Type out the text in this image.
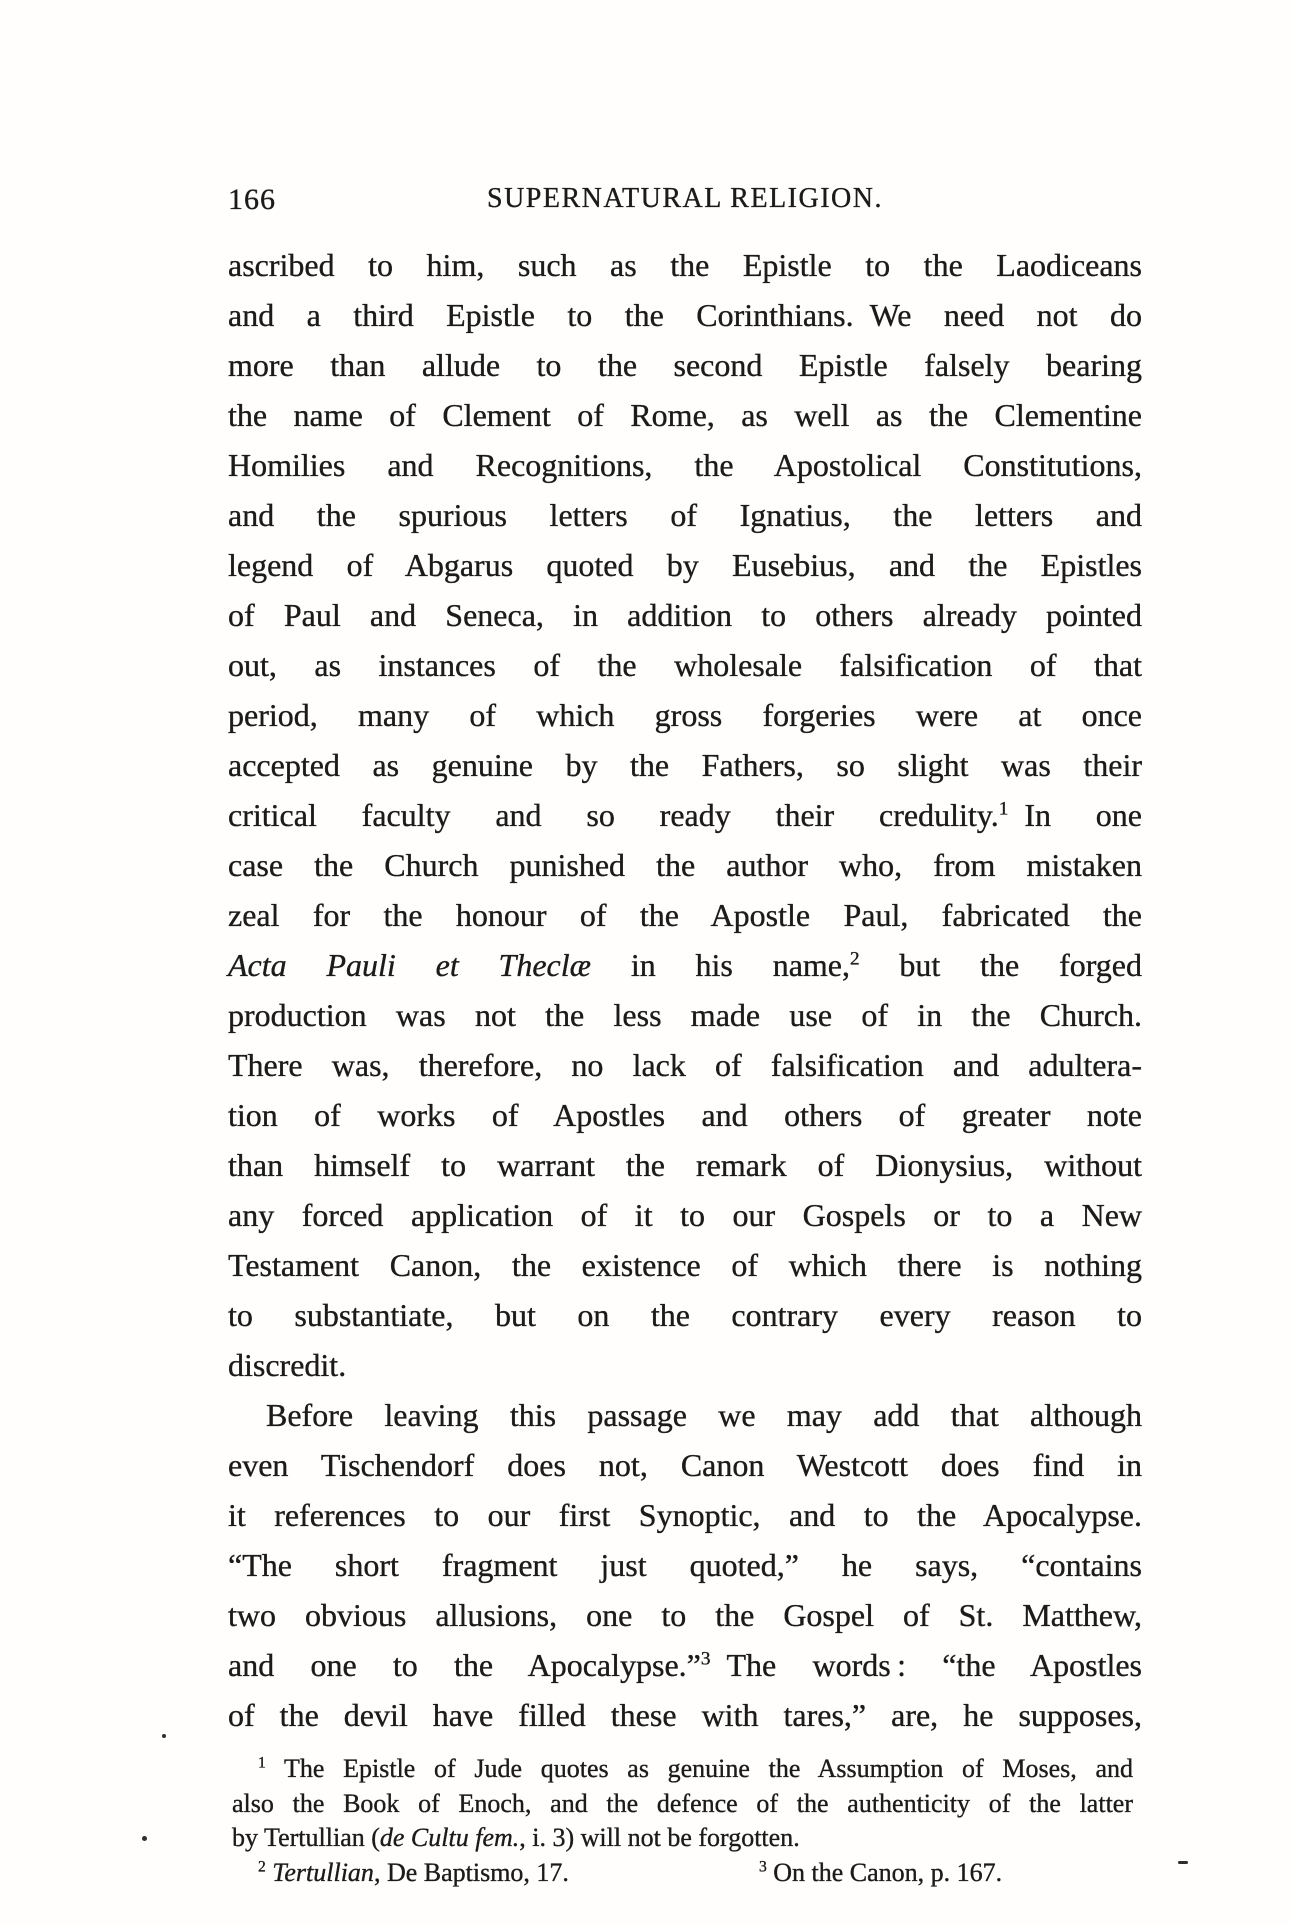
166	SUPERNATURAL RELIGION.
ascribed to him, such as the Epistle to the Laodiceans
and a third Epistle to the Corinthians. We need not do
more than allude to the second Epistle falsely bearing
the name of Clement of Rome, as well as the Clementine
Homilies and Recognitions, the Apostolical Constitutions,
and the spurious letters of Ignatius, the letters and
legend of Abgarus quoted by Eusebius, and the Epistles
of Paul and Seneca, in addition to others already pointed
out, as instances of the wholesale falsification of that
period, many of which gross forgeries were at once
accepted as genuine by the Fathers, so slight was their
critical faculty and so ready their credulity.$^1$ In one
case the Church punished the author who, from mistaken
zeal for the honour of the Apostle Paul, fabricated the
Acta Pauli et Theclæ in his name,$^2$ but the forged
production was not the less made use of in the Church.
There was, therefore, no lack of falsification and adultera-
tion of works of Apostles and others of greater note
than himself to warrant the remark of Dionysius, without
any forced application of it to our Gospels or to a New
Testament Canon, the existence of which there is nothing
to substantiate, but on the contrary every reason to
discredit.
Before leaving this passage we may add that although
even Tischendorf does not, Canon Westcott does find in
it references to our first Synoptic, and to the Apocalypse.
“The short fragment just quoted,” he says, “contains
two obvious allusions, one to the Gospel of St. Matthew,
and one to the Apocalypse.”$^3$ The words : “the Apostles
of the devil have filled these with tares,” are, he supposes,
$^1$ The Epistle of Jude quotes as genuine the Assumption of Moses, and
also the Book of Enoch, and the defence of the authenticity of the latter
by Tertullian (de Cultu fem., i. 3) will not be forgotten.
$^2$ Tertullian, De Baptismo, 17.	$^3$ On the Canon, p. 167.
